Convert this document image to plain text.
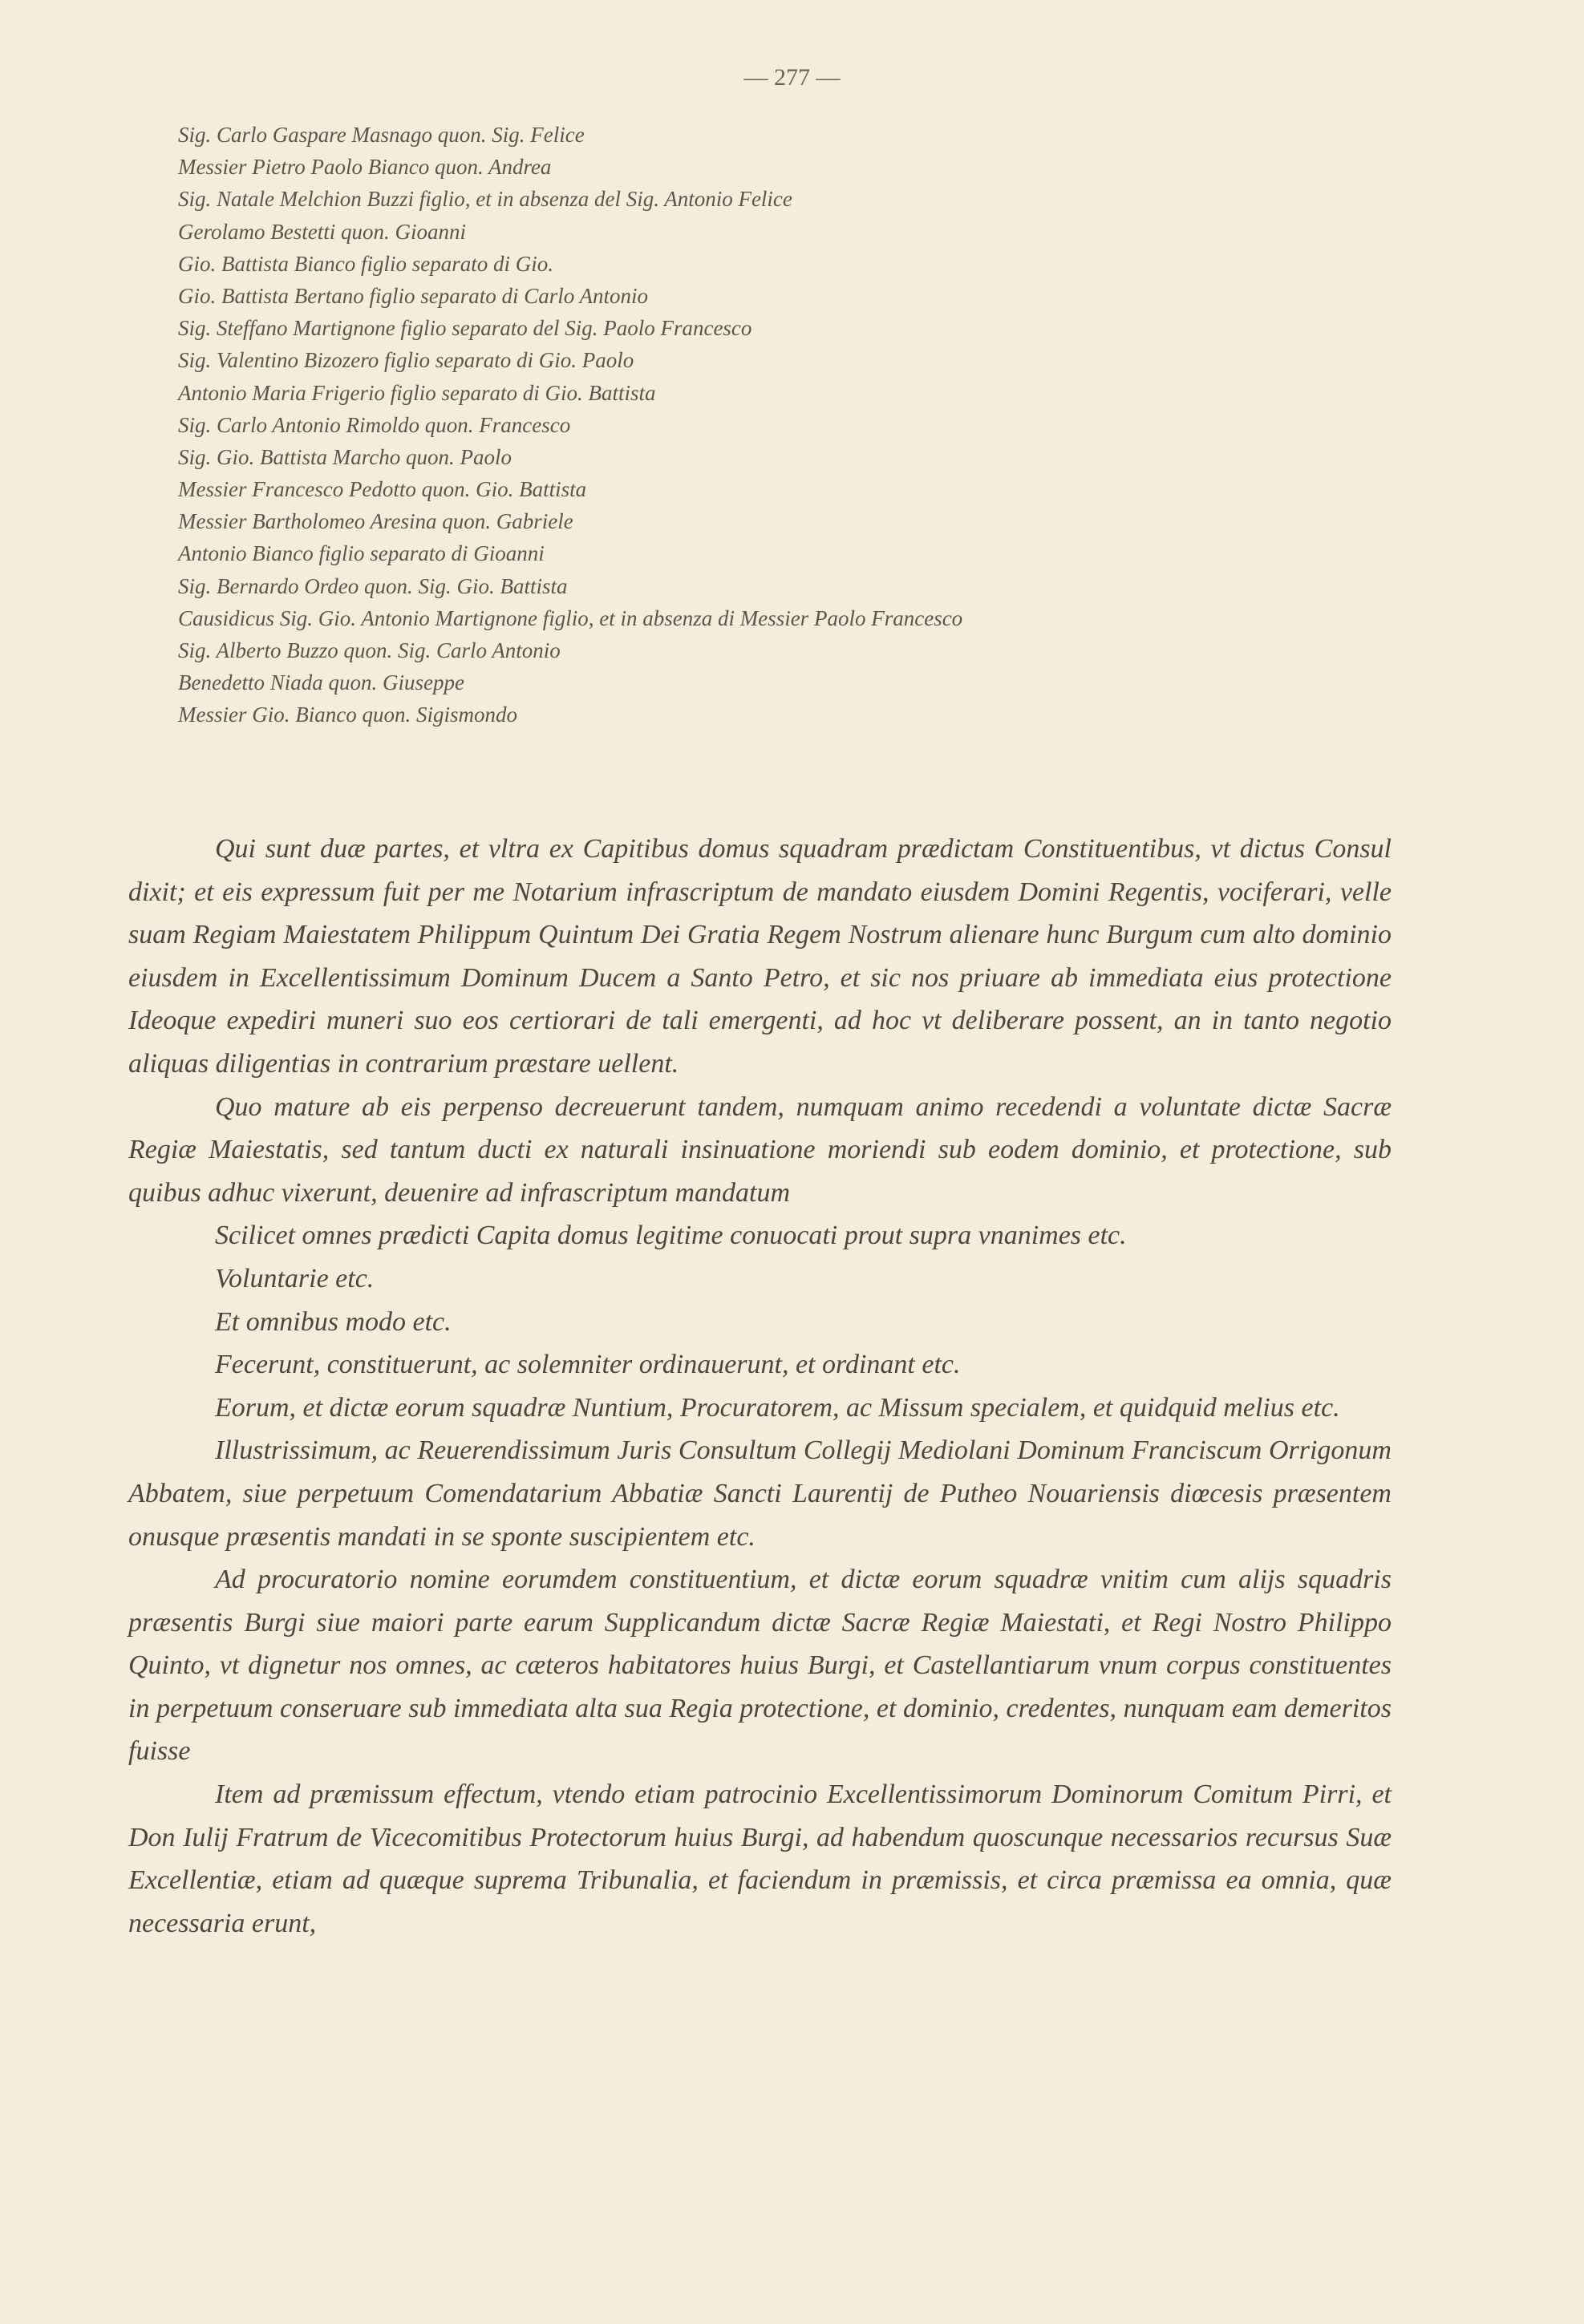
— 277 —
Sig. Carlo Gaspare Masnago quon. Sig. Felice
Messier Pietro Paolo Bianco quon. Andrea
Sig. Natale Melchion Buzzi figlio, et in absenza del Sig. Antonio Felice
Gerolamo Bestetti quon. Gioanni
Gio. Battista Bianco figlio separato di Gio.
Gio. Battista Bertano figlio separato di Carlo Antonio
Sig. Steffano Martignone figlio separato del Sig. Paolo Francesco
Sig. Valentino Bizozero figlio separato di Gio. Paolo
Antonio Maria Frigerio figlio separato di Gio. Battista
Sig. Carlo Antonio Rimoldo quon. Francesco
Sig. Gio. Battista Marcho quon. Paolo
Messier Francesco Pedotto quon. Gio. Battista
Messier Bartholomeo Aresina quon. Gabriele
Antonio Bianco figlio separato di Gioanni
Sig. Bernardo Ordeo quon. Sig. Gio. Battista
Causidicus Sig. Gio. Antonio Martignone figlio, et in absenza di Messier Paolo Francesco
Sig. Alberto Buzzo quon. Sig. Carlo Antonio
Benedetto Niada quon. Giuseppe
Messier Gio. Bianco quon. Sigismondo

Qui sunt duæ partes, et vltra ex Capitibus domus squadram prædictam Constituentibus, vt dictus Consul dixit; et eis expressum fuit per me Notarium infrascriptum de mandato eiusdem Domini Regentis, vociferari, velle suam Regiam Maiestatem Philippum Quintum Dei Gratia Regem Nostrum alienare hunc Burgum cum alto dominio eiusdem in Excellentissimum Dominum Ducem a Santo Petro, et sic nos priuare ab immediata eius protectione Ideoque expediri muneri suo eos certiorari de tali emergenti, ad hoc vt deliberare possent, an in tanto negotio aliquas diligentias in contrarium præstare uellent.

Quo mature ab eis perpenso decreuerunt tandem, numquam animo recedendi a voluntate dictæ Sacræ Regiæ Maiestatis, sed tantum ducti ex naturali insinuatione moriendi sub eodem dominio, et protectione, sub quibus adhuc vixerunt, deuenire ad infrascriptum mandatum

Scilicet omnes prædicti Capita domus legitime conuocati prout supra vnanimes etc.

Voluntarie etc.

Et omnibus modo etc.

Fecerunt, constituerunt, ac solemniter ordinauerunt, et ordinant etc.

Eorum, et dictæ eorum squadræ Nuntium, Procuratorem, ac Missum specialem, et quidquid melius etc.

Illustrissimum, ac Reuerendissimum Juris Consultum Collegij Mediolani Dominum Franciscum Orrigonum Abbatem, siue perpetuum Comendatarium Abbatiæ Sancti Laurentij de Putheo Nouariensis diœcesis præsentem onusque præsentis mandati in se sponte suscipientem etc.

Ad procuratorio nomine eorumdem constituentium, et dictæ eorum squadræ vnitim cum alijs squadris præsentis Burgi siue maiori parte earum Supplicandum dictæ Sacræ Regiæ Maiestati, et Regi Nostro Philippo Quinto, vt dignetur nos omnes, ac cæteros habitatores huius Burgi, et Castellantiarum vnum corpus constituentes in perpetuum conseruare sub immediata alta sua Regia protectione, et dominio, credentes, nunquam eam demeritos fuisse

Item ad præmissum effectum, vtendo etiam patrocinio Excellentissimorum Dominorum Comitum Pirri, et Don Iulij Fratrum de Vicecomitibus Protectorum huius Burgi, ad habendum quoscunque necessarios recursus Suæ Excellentiæ, etiam ad quæque suprema Tribunalia, et faciendum in præmissis, et circa præmissa ea omnia, quæ necessaria erunt,
